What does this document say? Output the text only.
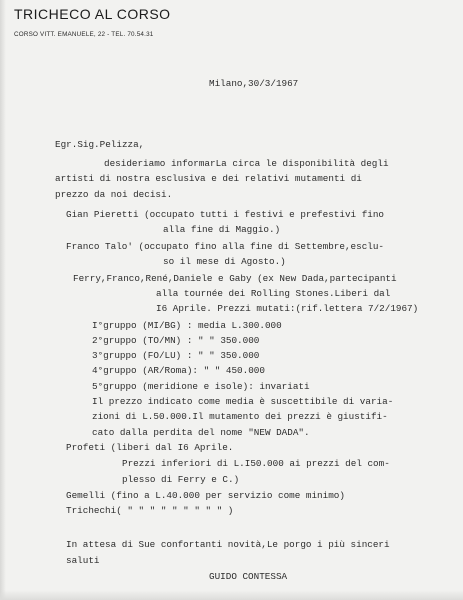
TRICHECO AL CORSO
CORSO VITT. EMANUELE, 22 - TEL. 70.54.31
Milano,30/3/1967
Egr.Sig.Pelizza,
desideriamo informarLa circa le disponibilità degli
artisti di nostra esclusiva e dei relativi mutamenti di
prezzo da noi decisi.
Gian Pieretti (occupato tutti i festivi e prefestivi fino
alla fine di Maggio.)
Franco Talo' (occupato fino alla fine di Settembre,esclu-
so il mese di Agosto.)
Ferry,Franco,René,Daniele e Gaby (ex New Dada,partecipanti
alla tournée dei Rolling Stones.Liberi dal
I6 Aprile. Prezzi mutati:(rif.lettera 7/2/1967)
I°gruppo (MI/BG) : media L.300.000
2°gruppo (TO/MN) : " " 350.000
3°gruppo (FO/LU) : " " 350.000
4°gruppo (AR/Roma): " " 450.000
5°gruppo (meridione e isole): invariati
Il prezzo indicato come media è suscettibile di varia-
zioni di L.50.000.Il mutamento dei prezzi è giustifi-
cato dalla perdita del nome "NEW DADA".
Profeti (liberi dal I6 Aprile.
Prezzi inferiori di L.I50.000 ai prezzi del com-
plesso di Ferry e C.)
Gemelli (fino a L.40.000 per servizio come minimo)
Trichechi( " " " " " " " " " )
In attesa di Sue confortanti novità,Le porgo i più sinceri
saluti
GUIDO CONTESSA
